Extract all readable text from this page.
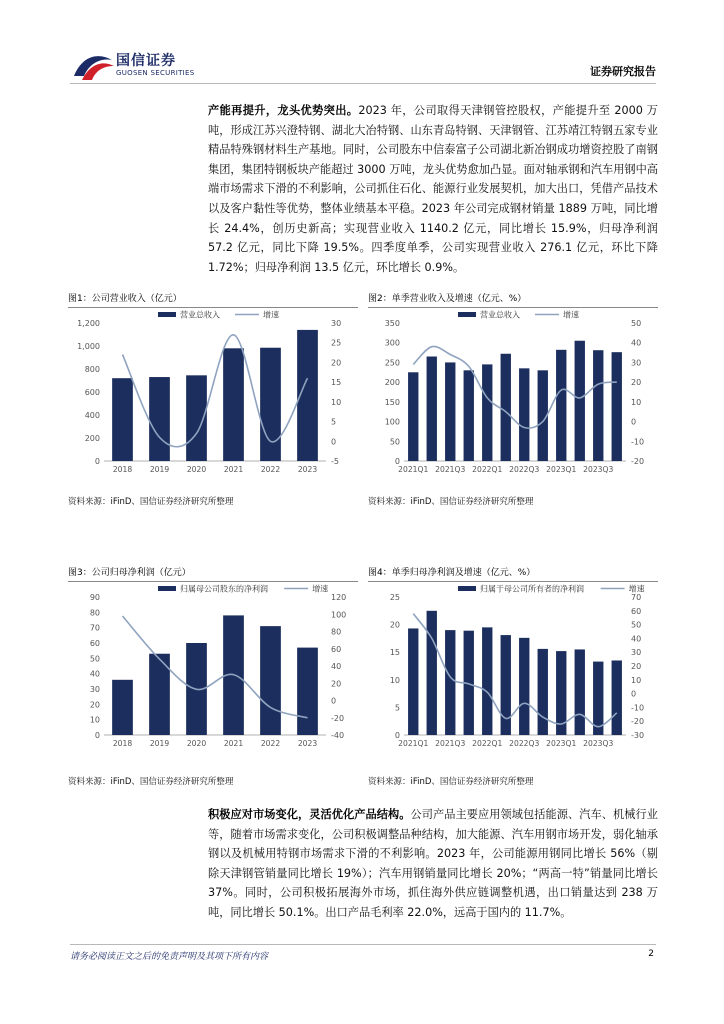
国信证券
GUOSEN SECURITIES	证券研究报告
产能再提升，龙头优势突出。2023 年，公司取得天津钢管控股权，产能提升至 2000 万吨，形成江苏兴澄特钢、湖北大冶特钢、山东青岛特钢、天津钢管、江苏靖江特钢五家专业精品特殊钢材料生产基地。同时，公司股东中信泰富子公司湖北新冶钢成功增资控股了南钢集团，集团特钢板块产能超过 3000 万吨，龙头优势愈加凸显。面对轴承钢和汽车用钢中高端市场需求下滑的不利影响，公司抓住石化、能源行业发展契机，加大出口，凭借产品技术以及客户黏性等优势，整体业绩基本平稳。2023 年公司完成钢材销量 1889 万吨，同比增长 24.4%，创历史新高；实现营业收入 1140.2 亿元，同比增长 15.9%，归母净利润 57.2 亿元，同比下降 19.5%。四季度单季，公司实现营业收入 276.1 亿元，环比下降 1.72%；归母净利润 13.5 亿元，环比增长 0.9%。
图1：公司营业收入（亿元）
0
200
400
600
800
1,000
1,200
-5
0
5
10
15
20
25
30
2018 2019 2020 2021 2022 2023
营业总收入	增速
资料来源：iFinD、国信证券经济研究所整理
图2：单季营业收入及增速（亿元、%）
0
50
100
150
200
250
300
350
-20
-10
0
10
20
30
40
50
2021Q1 2021Q3 2022Q1 2022Q3 2023Q1 2023Q3
营业总收入	增速
资料来源：iFinD、国信证券经济研究所整理
图3：公司归母净利润（亿元）
0
10
20
30
40
50
60
70
80
90
-40
-20
0
20
40
60
80
100
120
2018 2019 2020 2021 2022 2023
归属母公司股东的净利润	增速
资料来源：iFinD、国信证券经济研究所整理
图4：单季归母净利润及增速（亿元、%）
0
5
10
15
20
25
-30
-20
-10
0
10
20
30
40
50
60
70
2021Q1 2021Q3 2022Q1 2022Q3 2023Q1 2023Q3
归属于母公司所有者的净利润	增速
资料来源：iFinD、国信证券经济研究所整理
积极应对市场变化，灵活优化产品结构。公司产品主要应用领域包括能源、汽车、机械行业等，随着市场需求变化，公司积极调整品种结构，加大能源、汽车用钢市场开发，弱化轴承钢以及机械用特钢市场需求下滑的不利影响。2023 年，公司能源用钢同比增长 56%（剔除天津钢管销量同比增长 19%）；汽车用钢销量同比增长 20%；“两高一特”销量同比增长 37%。同时，公司积极拓展海外市场，抓住海外供应链调整机遇，出口销量达到 238 万吨，同比增长 50.1%。出口产品毛利率 22.0%，远高于国内的 11.7%。
请务必阅读正文之后的免责声明及其项下所有内容	2
